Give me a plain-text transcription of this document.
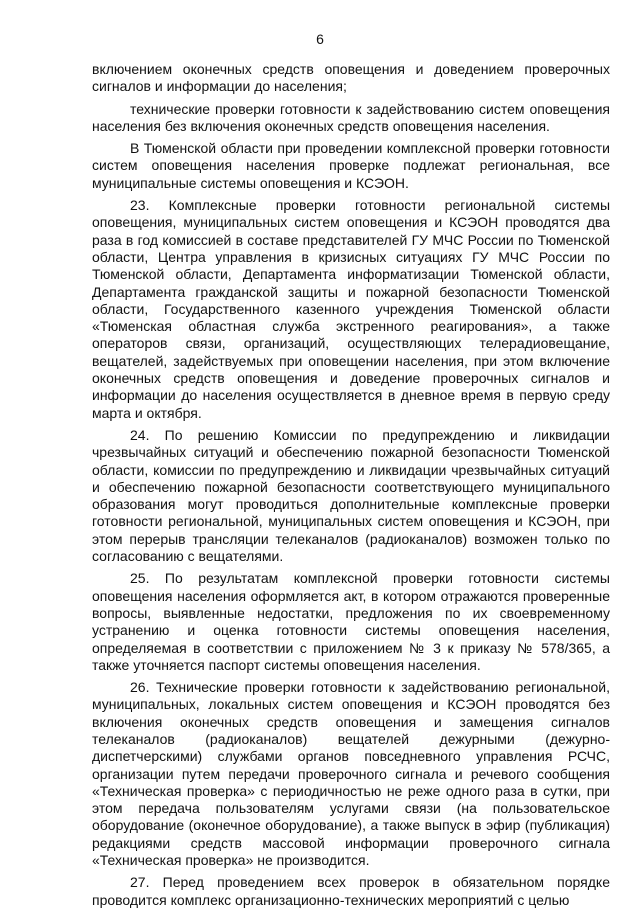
6

включением оконечных средств оповещения и доведением проверочных сигналов и информации до населения;

технические проверки готовности к задействованию систем оповещения населения без включения оконечных средств оповещения населения.

В Тюменской области при проведении комплексной проверки готовности систем оповещения населения проверке подлежат региональная, все муниципальные системы оповещения и КСЭОН.

23. Комплексные проверки готовности региональной системы оповещения, муниципальных систем оповещения и КСЭОН проводятся два раза в год комиссией в составе представителей ГУ МЧС России по Тюменской области, Центра управления в кризисных ситуациях ГУ МЧС России по Тюменской области, Департамента информатизации Тюменской области, Департамента гражданской защиты и пожарной безопасности Тюменской области, Государственного казенного учреждения Тюменской области «Тюменская областная служба экстренного реагирования», а также операторов связи, организаций, осуществляющих телерадиовещание, вещателей, задействуемых при оповещении населения, при этом включение оконечных средств оповещения и доведение проверочных сигналов и информации до населения осуществляется в дневное время в первую среду марта и октября.

24. По решению Комиссии по предупреждению и ликвидации чрезвычайных ситуаций и обеспечению пожарной безопасности Тюменской области, комиссии по предупреждению и ликвидации чрезвычайных ситуаций и обеспечению пожарной безопасности соответствующего муниципального образования могут проводиться дополнительные комплексные проверки готовности региональной, муниципальных систем оповещения и КСЭОН, при этом перерыв трансляции телеканалов (радиоканалов) возможен только по согласованию с вещателями.

25. По результатам комплексной проверки готовности системы оповещения населения оформляется акт, в котором отражаются проверенные вопросы, выявленные недостатки, предложения по их своевременному устранению и оценка готовности системы оповещения населения, определяемая в соответствии с приложением № 3 к приказу № 578/365, а также уточняется паспорт системы оповещения населения.

26. Технические проверки готовности к задействованию региональной, муниципальных, локальных систем оповещения и КСЭОН проводятся без включения оконечных средств оповещения и замещения сигналов телеканалов (радиоканалов) вещателей дежурными (дежурно-диспетчерскими) службами органов повседневного управления РСЧС, организации путем передачи проверочного сигнала и речевого сообщения «Техническая проверка» с периодичностью не реже одного раза в сутки, при этом передача пользователям услугами связи (на пользовательское оборудование (оконечное оборудование), а также выпуск в эфир (публикация) редакциями средств массовой информации проверочного сигнала «Техническая проверка» не производится.

27. Перед проведением всех проверок в обязательном порядке проводится комплекс организационно-технических мероприятий с целью
